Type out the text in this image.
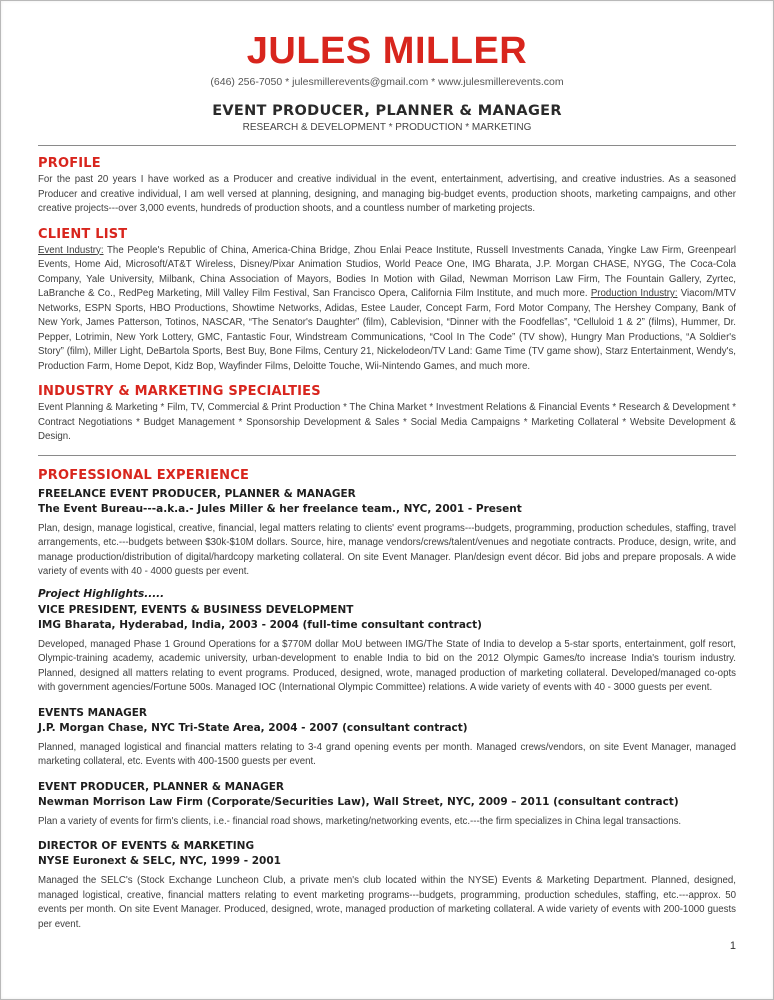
JULES MILLER
(646) 256-7050 * julesmillerevents@gmail.com * www.julesmillerevents.com
EVENT PRODUCER, PLANNER & MANAGER
RESEARCH & DEVELOPMENT * PRODUCTION * MARKETING
PROFILE

For the past 20 years I have worked as a Producer and creative individual in the event, entertainment, advertising, and creative industries. As a seasoned Producer and creative individual, I am well versed at planning, designing, and managing big-budget events, production shoots, marketing campaigns, and other creative projects---over 3,000 events, hundreds of production shoots, and a countless number of marketing projects.

CLIENT LIST

Event Industry: The People's Republic of China, America-China Bridge, Zhou Enlai Peace Institute, Russell Investments Canada, Yingke Law Firm, Greenpearl Events, Home Aid, Microsoft/AT&T Wireless, Disney/Pixar Animation Studios, World Peace One, IMG Bharata, J.P. Morgan CHASE, NYGG, The Coca-Cola Company, Yale University, Milbank, China Association of Mayors, Bodies In Motion with Gilad, Newman Morrison Law Firm, The Fountain Gallery, Zyrtec, LaBranche & Co., RedPeg Marketing, Mill Valley Film Festival, San Francisco Opera, California Film Institute, and much more. Production Industry: Viacom/MTV Networks, ESPN Sports, HBO Productions, Showtime Networks, Adidas, Estee Lauder, Concept Farm, Ford Motor Company, The Hershey Company, Bank of New York, James Patterson, Totinos, NASCAR, “The Senator's Daughter” (film), Cablevision, “Dinner with the Foodfellas”, “Celluloid 1 & 2” (films), Hummer, Dr. Pepper, Lotrimin, New York Lottery, GMC, Fantastic Four, Windstream Communications, “Cool In The Code” (TV show), Hungry Man Productions, “A Soldier's Story” (film), Miller Light, DeBartola Sports, Best Buy, Bone Films, Century 21, Nickelodeon/TV Land: Game Time (TV game show), Starz Entertainment, Wendy's, Production Farm, Home Depot, Kidz Bop, Wayfinder Films, Deloitte Touche, Wii-Nintendo Games, and much more.

INDUSTRY & MARKETING SPECIALTIES

Event Planning & Marketing * Film, TV, Commercial & Print Production * The China Market * Investment Relations & Financial Events * Research & Development * Contract Negotiations * Budget Management * Sponsorship Development & Sales * Social Media Campaigns * Marketing Collateral * Website Development & Design.

PROFESSIONAL EXPERIENCE
FREELANCE EVENT PRODUCER, PLANNER & MANAGER
The Event Bureau---a.k.a.- Jules Miller & her freelance team., NYC, 2001 - Present

Plan, design, manage logistical, creative, financial, legal matters relating to clients' event programs---budgets, programming, production schedules, staffing, travel arrangements, etc.---budgets between $30k-$10M dollars. Source, hire, manage vendors/crews/talent/venues and negotiate contracts. Produce, design, write, and manage production/distribution of digital/hardcopy marketing collateral. On site Event Manager. Plan/design event décor. Bid jobs and prepare proposals. A wide variety of events with 40 - 4000 guests per event.

Project Highlights.....
VICE PRESIDENT, EVENTS & BUSINESS DEVELOPMENT
IMG Bharata, Hyderabad, India, 2003 - 2004 (full-time consultant contract)

Developed, managed Phase 1 Ground Operations for a $770M dollar MoU between IMG/The State of India to develop a 5-star sports, entertainment, golf resort, Olympic-training academy, academic university, urban-development to enable India to bid on the 2012 Olympic Games/to increase India's tourism industry. Planned, designed all matters relating to event programs. Produced, designed, wrote, managed production of marketing collateral. Developed/managed co-opts with government agencies/Fortune 500s. Managed IOC (International Olympic Committee) relations. A wide variety of events with 40 - 3000 guests per event.

EVENTS MANAGER
J.P. Morgan Chase, NYC Tri-State Area, 2004 - 2007 (consultant contract)

Planned, managed logistical and financial matters relating to 3-4 grand opening events per month. Managed crews/vendors, on site Event Manager, managed marketing collateral, etc. Events with 400-1500 guests per event.

EVENT PRODUCER, PLANNER & MANAGER
Newman Morrison Law Firm (Corporate/Securities Law), Wall Street, NYC, 2009 – 2011 (consultant contract)

Plan a variety of events for firm's clients, i.e.- financial road shows, marketing/networking events, etc.---the firm specializes in China legal transactions.

DIRECTOR OF EVENTS & MARKETING
NYSE Euronext & SELC, NYC, 1999 - 2001

Managed the SELC's (Stock Exchange Luncheon Club, a private men's club located within the NYSE) Events & Marketing Department. Planned, designed, managed logistical, creative, financial matters relating to event marketing programs---budgets, programming, production schedules, staffing, etc.---approx. 50 events per month. On site Event Manager. Produced, designed, wrote, managed production of marketing collateral. A wide variety of events with 200-1000 guests per event.

1
